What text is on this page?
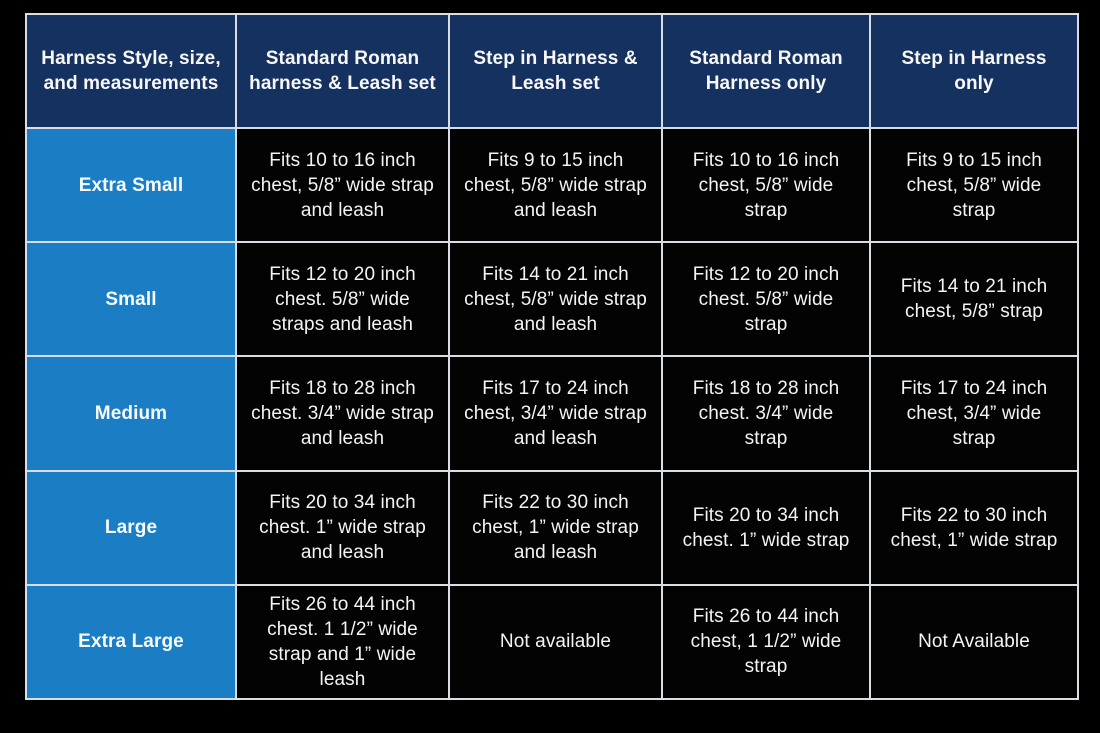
Harness Style, size, and measurements
Standard Roman harness & Leash set
Step in Harness & Leash set
Standard Roman Harness only
Step in Harness only
Extra Small
Fits 10 to 16 inch chest, 5/8” wide strap and leash
Fits 9 to 15 inch chest, 5/8” wide strap and leash
Fits 10 to 16 inch chest, 5/8” wide strap
Fits 9 to 15 inch chest, 5/8” wide strap
Small
Fits 12 to 20 inch chest. 5/8” wide straps and leash
Fits 14 to 21 inch chest, 5/8” wide strap and leash
Fits 12 to 20 inch chest. 5/8” wide strap
Fits 14 to 21 inch chest, 5/8” strap
Medium
Fits 18 to 28 inch chest. 3/4” wide strap and leash
Fits 17 to 24 inch chest, 3/4” wide strap and leash
Fits 18 to 28 inch chest. 3/4” wide strap
Fits 17 to 24 inch chest, 3/4” wide strap
Large
Fits 20 to 34 inch chest. 1” wide strap and leash
Fits 22 to 30 inch chest, 1” wide strap and leash
Fits 20 to 34 inch chest. 1” wide strap
Fits 22 to 30 inch chest, 1” wide strap
Extra Large
Fits 26 to 44 inch chest. 1 1/2” wide strap and 1” wide leash
Not available
Fits 26 to 44 inch chest, 1 1/2” wide strap
Not Available
